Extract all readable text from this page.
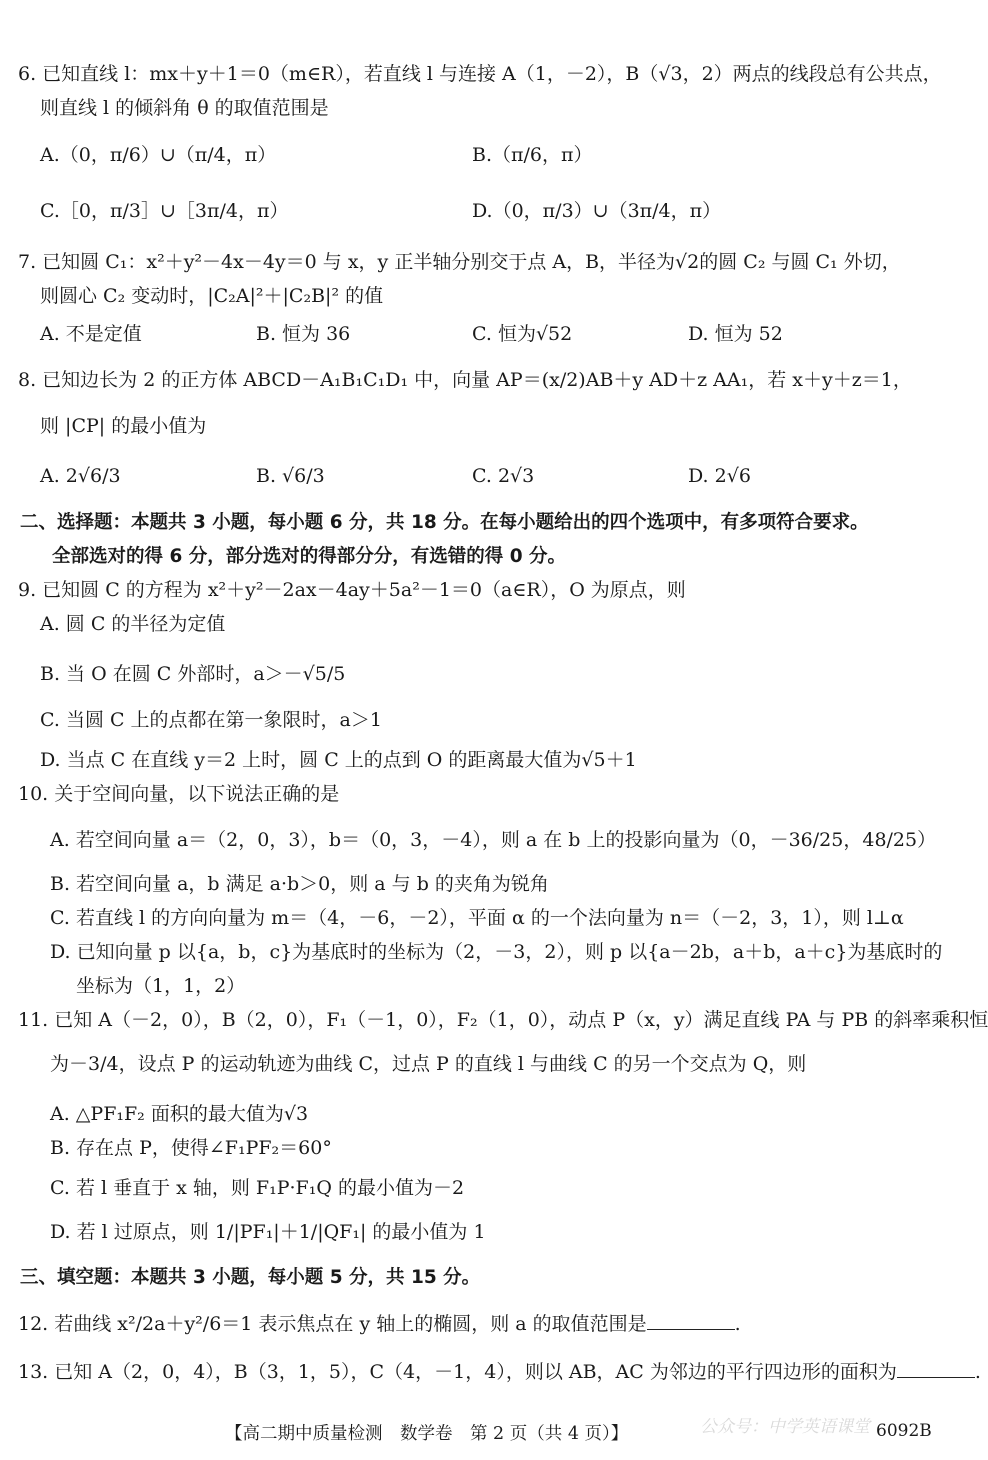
6. 已知直线 l：mx＋y＋1＝0（m∈R），若直线 l 与连接 A（1，－2），B（√3，2）两点的线段总有公共点，
则直线 l 的倾斜角 θ 的取值范围是
A.（0，π/6）∪（π/4，π）	B.（π/6，π）
C.［0，π/3］∪［3π/4，π）	D.（0，π/3）∪（3π/4，π）
7. 已知圆 C₁：x²＋y²－4x－4y＝0 与 x，y 正半轴分别交于点 A，B，半径为√2的圆 C₂ 与圆 C₁ 外切，
则圆心 C₂ 变动时，|C₂A|²＋|C₂B|² 的值
A. 不是定值	B. 恒为 36	C. 恒为√52	D. 恒为 52
8. 已知边长为 2 的正方体 ABCD－A₁B₁C₁D₁ 中，向量 AP＝(x/2)AB＋y AD＋z AA₁，若 x＋y＋z＝1，
则 |CP| 的最小值为
A. 2√6/3	B. √6/3	C. 2√3	D. 2√6
二、选择题：本题共 3 小题，每小题 6 分，共 18 分。在每小题给出的四个选项中，有多项符合要求。
全部选对的得 6 分，部分选对的得部分分，有选错的得 0 分。
9. 已知圆 C 的方程为 x²＋y²－2ax－4ay＋5a²－1＝0（a∈R），O 为原点，则
A. 圆 C 的半径为定值
B. 当 O 在圆 C 外部时，a＞－√5/5
C. 当圆 C 上的点都在第一象限时，a＞1
D. 当点 C 在直线 y＝2 上时，圆 C 上的点到 O 的距离最大值为√5＋1
10. 关于空间向量，以下说法正确的是
A. 若空间向量 a＝（2，0，3），b＝（0，3，－4），则 a 在 b 上的投影向量为（0，－36/25，48/25）
B. 若空间向量 a，b 满足 a·b＞0，则 a 与 b 的夹角为锐角
C. 若直线 l 的方向向量为 m＝（4，－6，－2），平面 α 的一个法向量为 n＝（－2，3，1），则 l⊥α
D. 已知向量 p 以{a，b，c}为基底时的坐标为（2，－3，2），则 p 以{a－2b，a＋b，a＋c}为基底时的
坐标为（1，1，2）
11. 已知 A（－2，0），B（2，0），F₁（－1，0），F₂（1，0），动点 P（x，y）满足直线 PA 与 PB 的斜率乘积恒
为－3/4，设点 P 的运动轨迹为曲线 C，过点 P 的直线 l 与曲线 C 的另一个交点为 Q，则
A. △PF₁F₂ 面积的最大值为√3
B. 存在点 P，使得∠F₁PF₂＝60°
C. 若 l 垂直于 x 轴，则 F₁P·F₁Q 的最小值为－2
D. 若 l 过原点，则 1/|PF₁|＋1/|QF₁| 的最小值为 1
三、填空题：本题共 3 小题，每小题 5 分，共 15 分。
12. 若曲线 x²/2a＋y²/6＝1 表示焦点在 y 轴上的椭圆，则 a 的取值范围是	.
13. 已知 A（2，0，4），B（3，1，5），C（4，－1，4），则以 AB，AC 为邻边的平行四边形的面积为	.
公众号：中学英语课堂
【高二期中质量检测　数学卷　第 2 页（共 4 页）】	6092B
